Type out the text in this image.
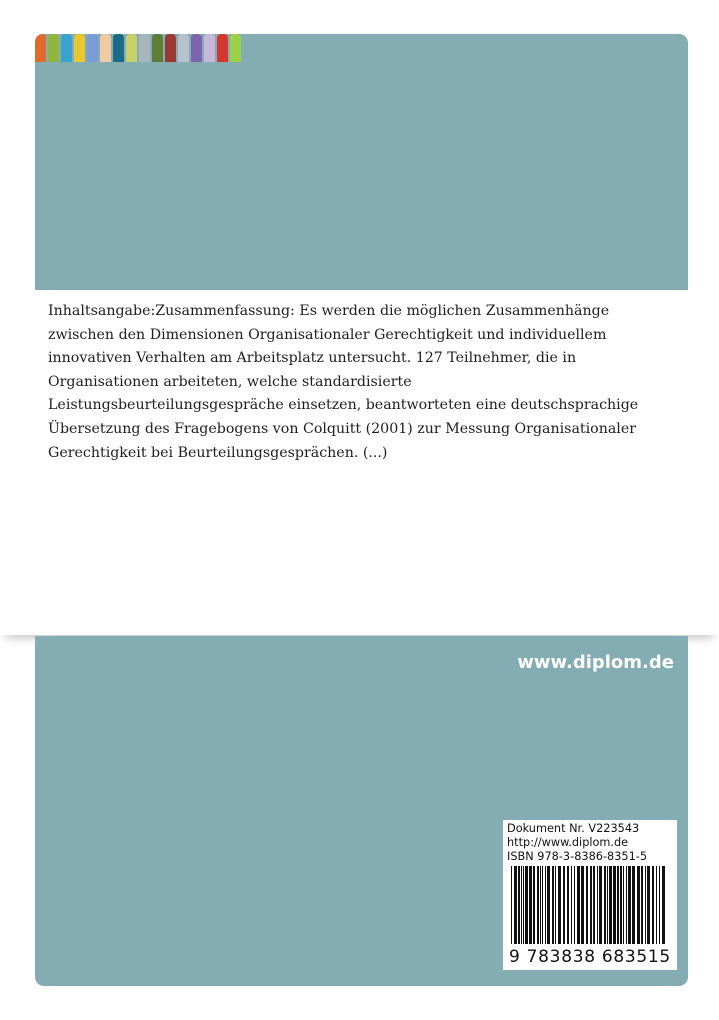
Inhaltsangabe:Zusammenfassung: Es werden die möglichen Zusammenhänge zwischen den Dimensionen Organisationaler Gerechtigkeit und individuellem innovativen Verhalten am Arbeitsplatz untersucht. 127 Teilnehmer, die in Organisationen arbeiteten, welche standardisierte Leistungsbeurteilungsgespräche einsetzen, beantworteten eine deutschsprachige Übersetzung des Fragebogens von Colquitt (2001) zur Messung Organisationaler Gerechtigkeit bei Beurteilungsgesprächen. (...)

www.diplom.de
Dokument Nr. V223543
http://www.diplom.de
ISBN 978-3-8386-8351-5
9 783838 683515
